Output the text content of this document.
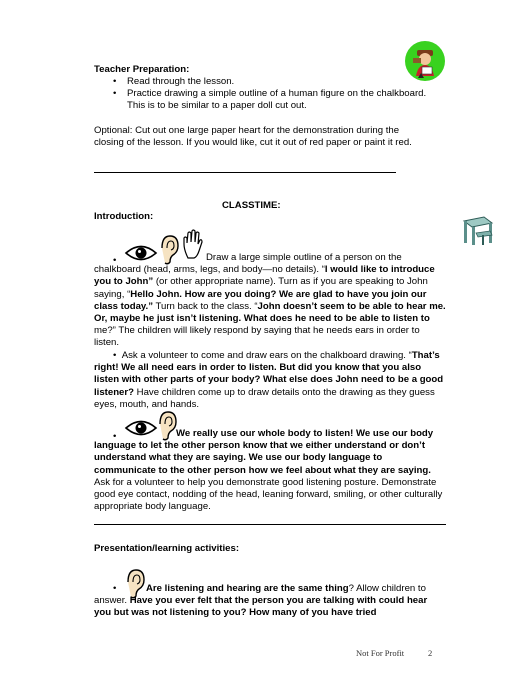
Teacher Preparation:
• Read through the lesson.
• Practice drawing a simple outline of a human figure on the chalkboard. This is to be similar to a paper doll cut out.
Optional: Cut out one large paper heart for the demonstration during the closing of the lesson. If you would like, cut it out of red paper or paint it red.
CLASSTIME:
Introduction:
•	Draw a large simple outline of a person on the chalkboard (head, arms, legs, and body—no details). “I would like to introduce you to John” (or other appropriate name). Turn as if you are speaking to John saying, “Hello John. How are you doing? We are glad to have you join our class today.” Turn back to the class. “John doesn’t seem to be able to hear me. Or, maybe he just isn’t listening. What does he need to be able to listen to me?” The children will likely respond by saying that he needs ears in order to listen.
•  Ask a volunteer to come and draw ears on the chalkboard drawing. “That’s right! We all need ears in order to listen. But did you know that you also listen with other parts of your body? What else does John need to be a good listener? Have children come up to draw details onto the drawing as they guess eyes, mouth, and hands.
•	We really use our whole body to listen! We use our body language to let the other person know that we either understand or don’t understand what they are saying. We use our body language to communicate to the other person how we feel about what they are saying. Ask for a volunteer to help you demonstrate good listening posture. Demonstrate good eye contact, nodding of the head, leaning forward, smiling, or other culturally appropriate body language.
Presentation/learning activities:
•	Are listening and hearing are the same thing? Allow children to answer. Have you ever felt that the person you are talking with could hear you but was not listening to you? How many of you have tried
Not For Profit	2
